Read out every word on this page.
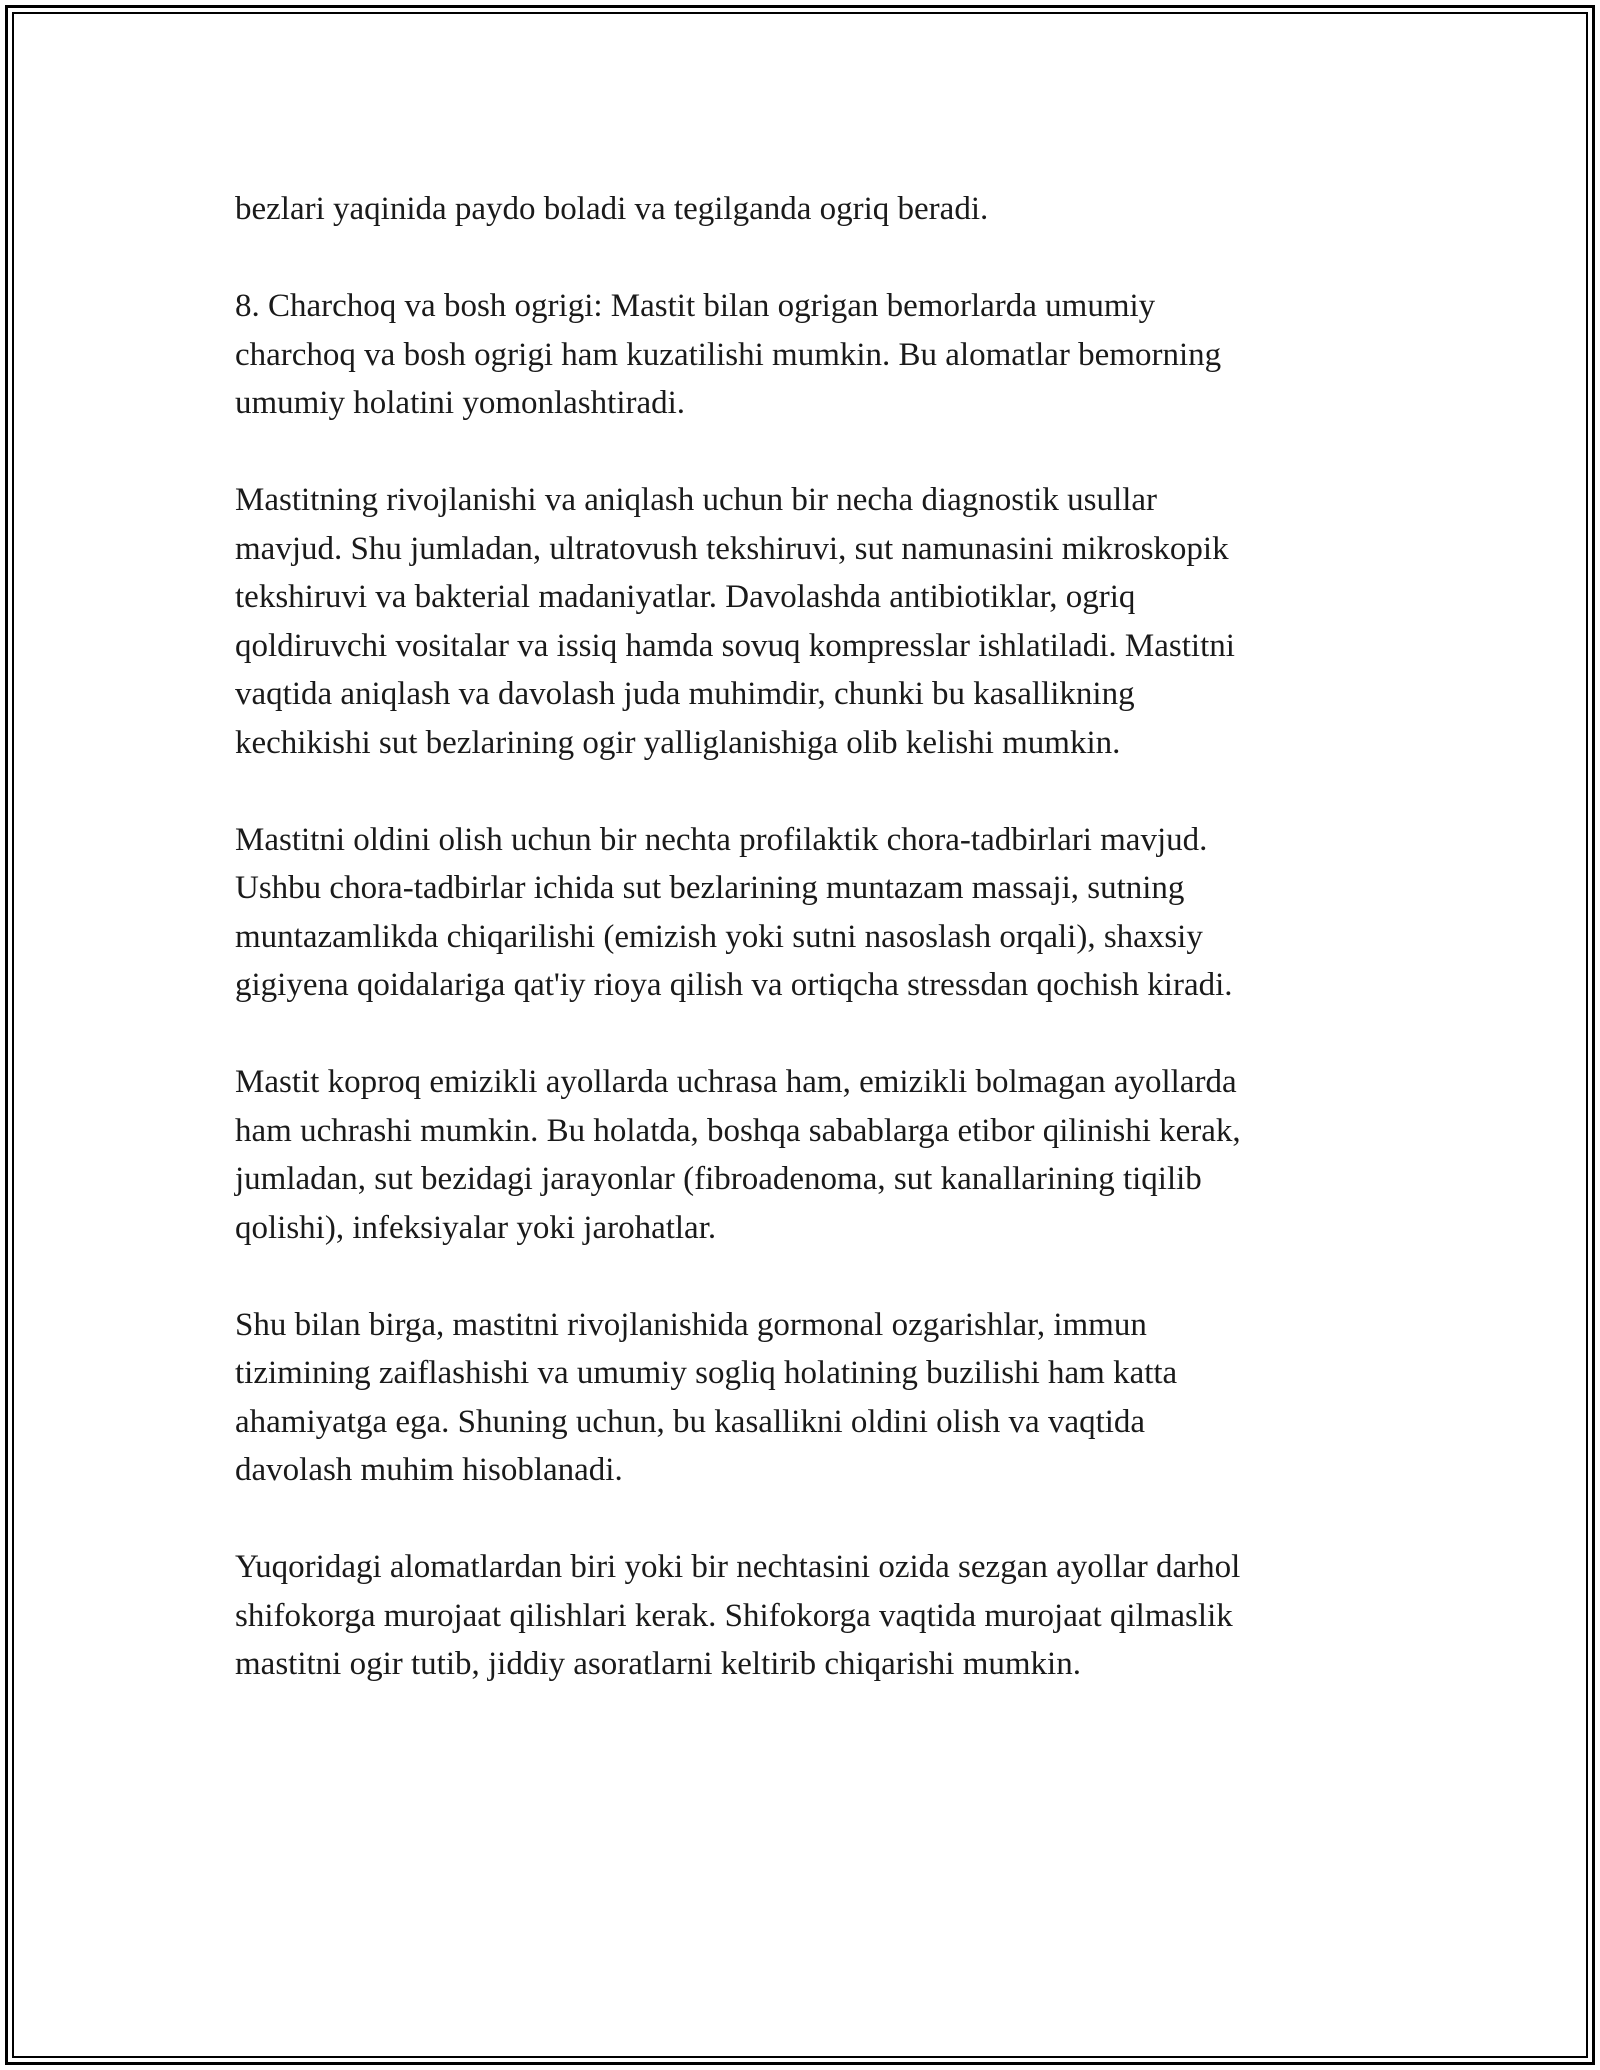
bezlari yaqinida paydo boladi va tegilganda ogriq beradi.

8. Charchoq va bosh ogrigi: Mastit bilan ogrigan bemorlarda umumiy
charchoq va bosh ogrigi ham kuzatilishi mumkin. Bu alomatlar bemorning
umumiy holatini yomonlashtiradi.

Mastitning rivojlanishi va aniqlash uchun bir necha diagnostik usullar
mavjud. Shu jumladan, ultratovush tekshiruvi, sut namunasini mikroskopik
tekshiruvi va bakterial madaniyatlar. Davolashda antibiotiklar, ogriq
qoldiruvchi vositalar va issiq hamda sovuq kompresslar ishlatiladi. Mastitni
vaqtida aniqlash va davolash juda muhimdir, chunki bu kasallikning
kechikishi sut bezlarining ogir yalliglanishiga olib kelishi mumkin.

Mastitni oldini olish uchun bir nechta profilaktik chora-tadbirlari mavjud.
Ushbu chora-tadbirlar ichida sut bezlarining muntazam massaji, sutning
muntazamlikda chiqarilishi (emizish yoki sutni nasoslash orqali), shaxsiy
gigiyena qoidalariga qat'iy rioya qilish va ortiqcha stressdan qochish kiradi.

Mastit koproq emizikli ayollarda uchrasa ham, emizikli bolmagan ayollarda
ham uchrashi mumkin. Bu holatda, boshqa sabablarga etibor qilinishi kerak,
jumladan, sut bezidagi jarayonlar (fibroadenoma, sut kanallarining tiqilib
qolishi), infeksiyalar yoki jarohatlar.

Shu bilan birga, mastitni rivojlanishida gormonal ozgarishlar, immun
tizimining zaiflashishi va umumiy sogliq holatining buzilishi ham katta
ahamiyatga ega. Shuning uchun, bu kasallikni oldini olish va vaqtida
davolash muhim hisoblanadi.

Yuqoridagi alomatlardan biri yoki bir nechtasini ozida sezgan ayollar darhol
shifokorga murojaat qilishlari kerak. Shifokorga vaqtida murojaat qilmaslik
mastitni ogir tutib, jiddiy asoratlarni keltirib chiqarishi mumkin.
